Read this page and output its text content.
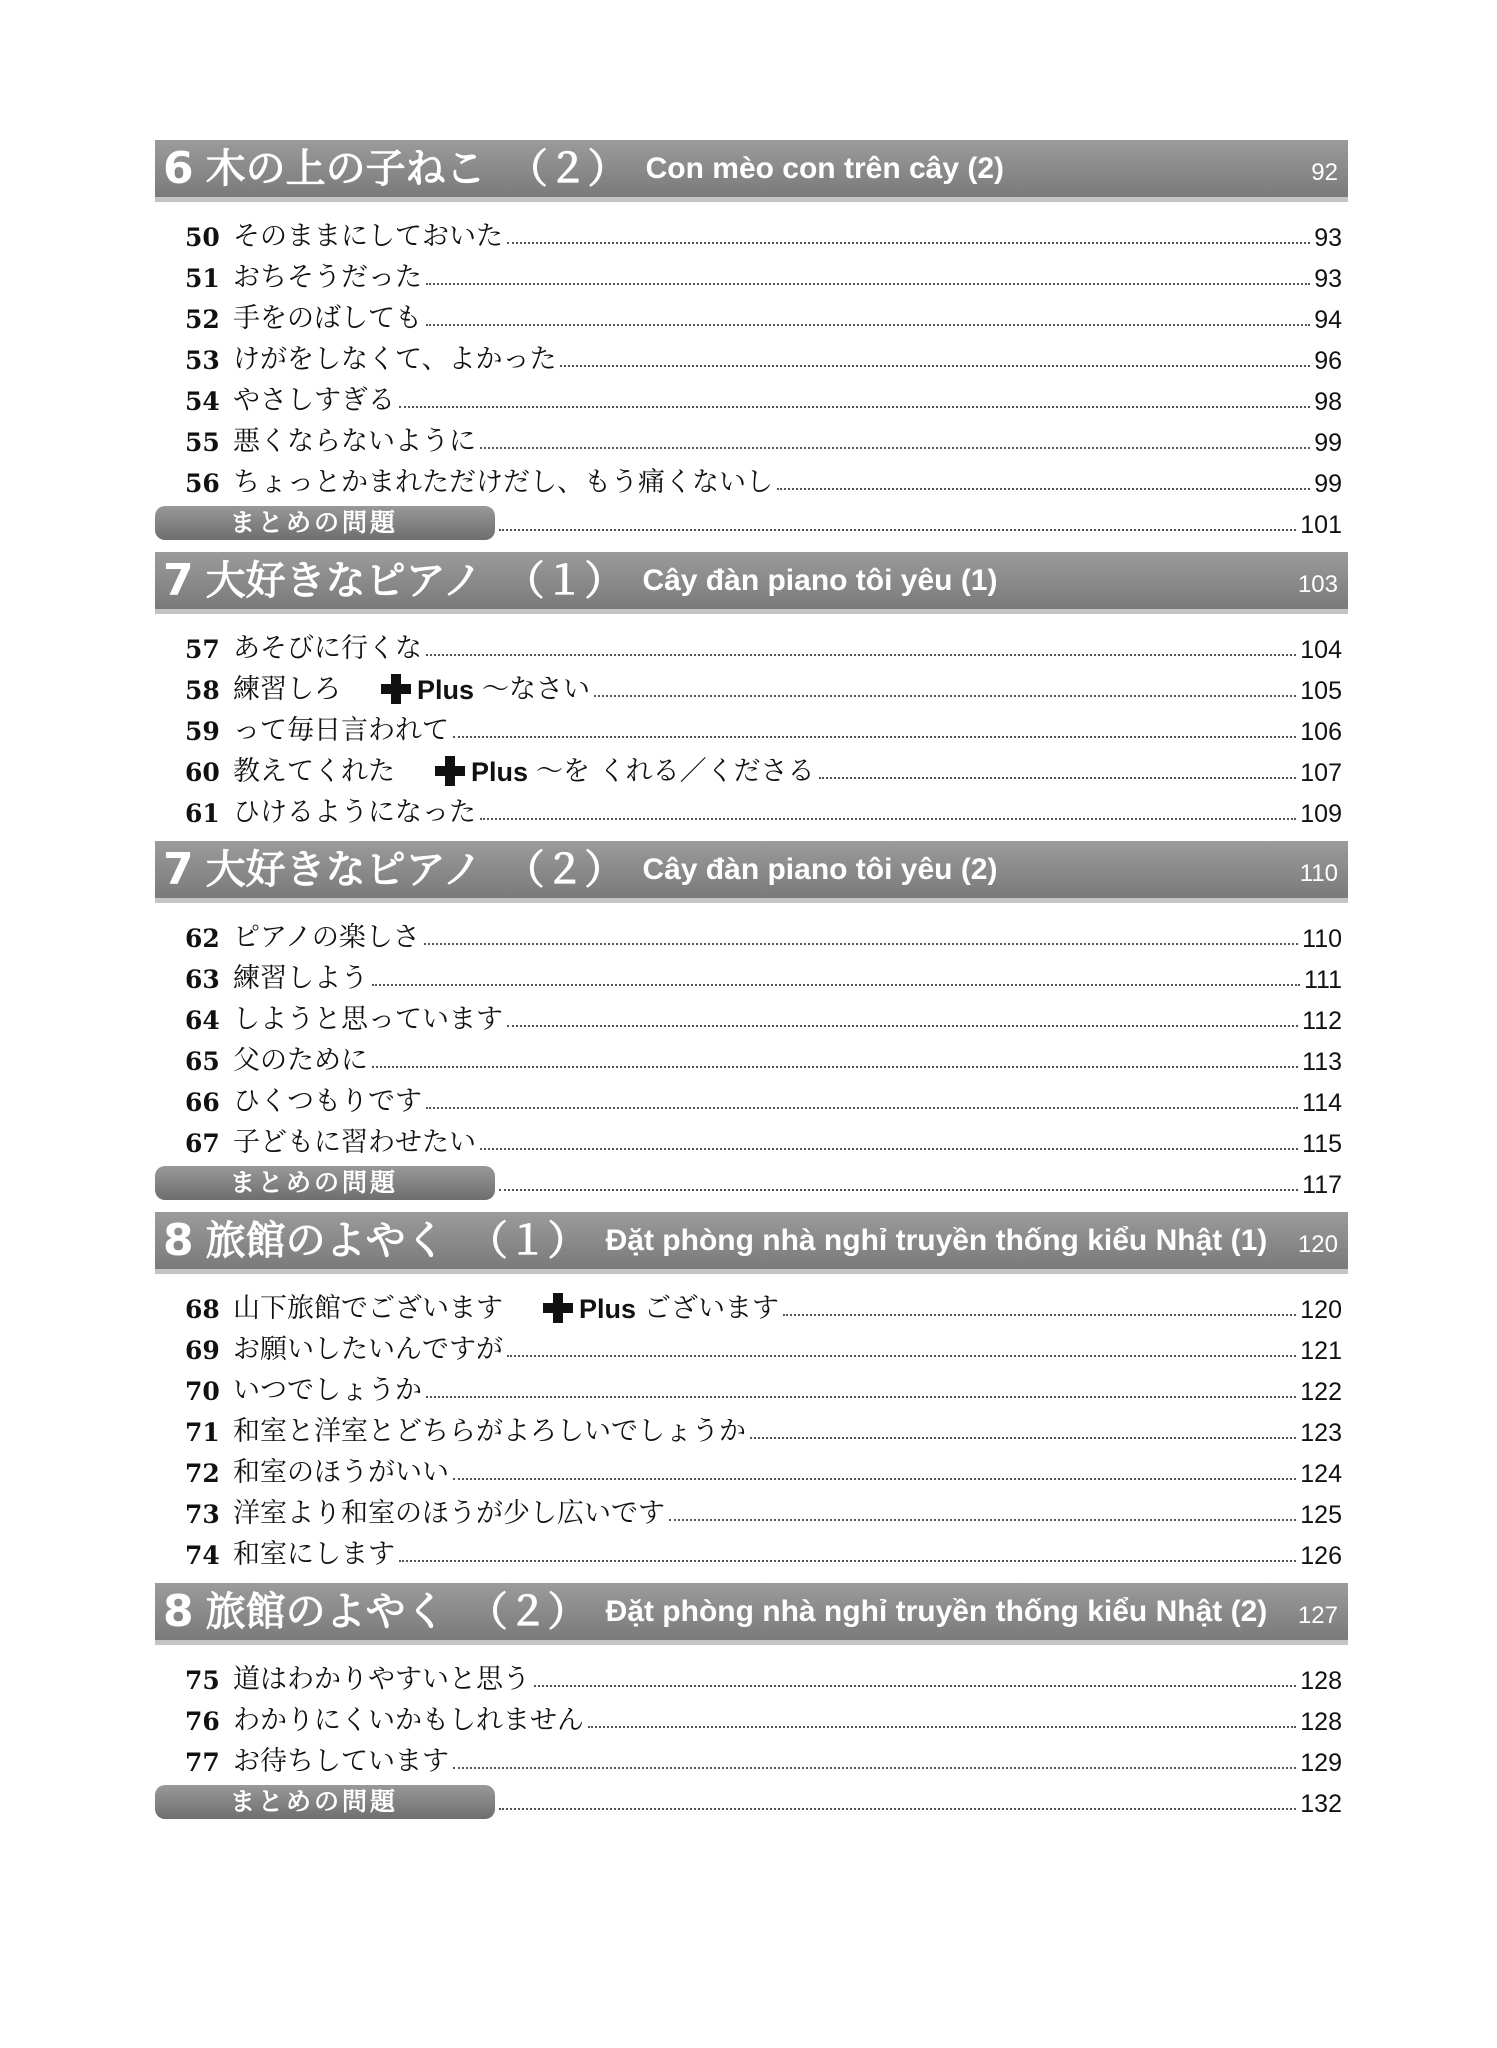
6 木の上の子ねこ （２） Con mèo con trên cây (2)	92
50 そのままにしておいた	93
51 おちそうだった	93
52 手をのばしても	94
53 けがをしなくて、よかった	96
54 やさしすぎる	98
55 悪くならないように	99
56 ちょっとかまれただけだし、もう痛くないし	99
まとめの問題	101
7 大好きなピアノ （１） Cây đàn piano tôi yêu (1)	103
57 あそびに行くな	104
58 練習しろ	Plus ～なさい	105
59 って毎日言われて	106
60 教えてくれた	Plus ～を くれる／くださる	107
61 ひけるようになった	109
7 大好きなピアノ （２） Cây đàn piano tôi yêu (2)	110
62 ピアノの楽しさ	110
63 練習しよう	111
64 しようと思っています	112
65 父のために	113
66 ひくつもりです	114
67 子どもに習わせたい	115
まとめの問題	117
8 旅館のよやく （１） Đặt phòng nhà nghỉ truyền thống kiểu Nhật (1) 120
68 山下旅館でございます	Plus ございます	120
69 お願いしたいんですが	121
70 いつでしょうか	122
71 和室と洋室とどちらがよろしいでしょうか	123
72 和室のほうがいい	124
73 洋室より和室のほうが少し広いです	125
74 和室にします	126
8 旅館のよやく （２） Đặt phòng nhà nghỉ truyền thống kiểu Nhật (2) 127
75 道はわかりやすいと思う	128
76 わかりにくいかもしれません	128
77 お待ちしています	129
まとめの問題	132
